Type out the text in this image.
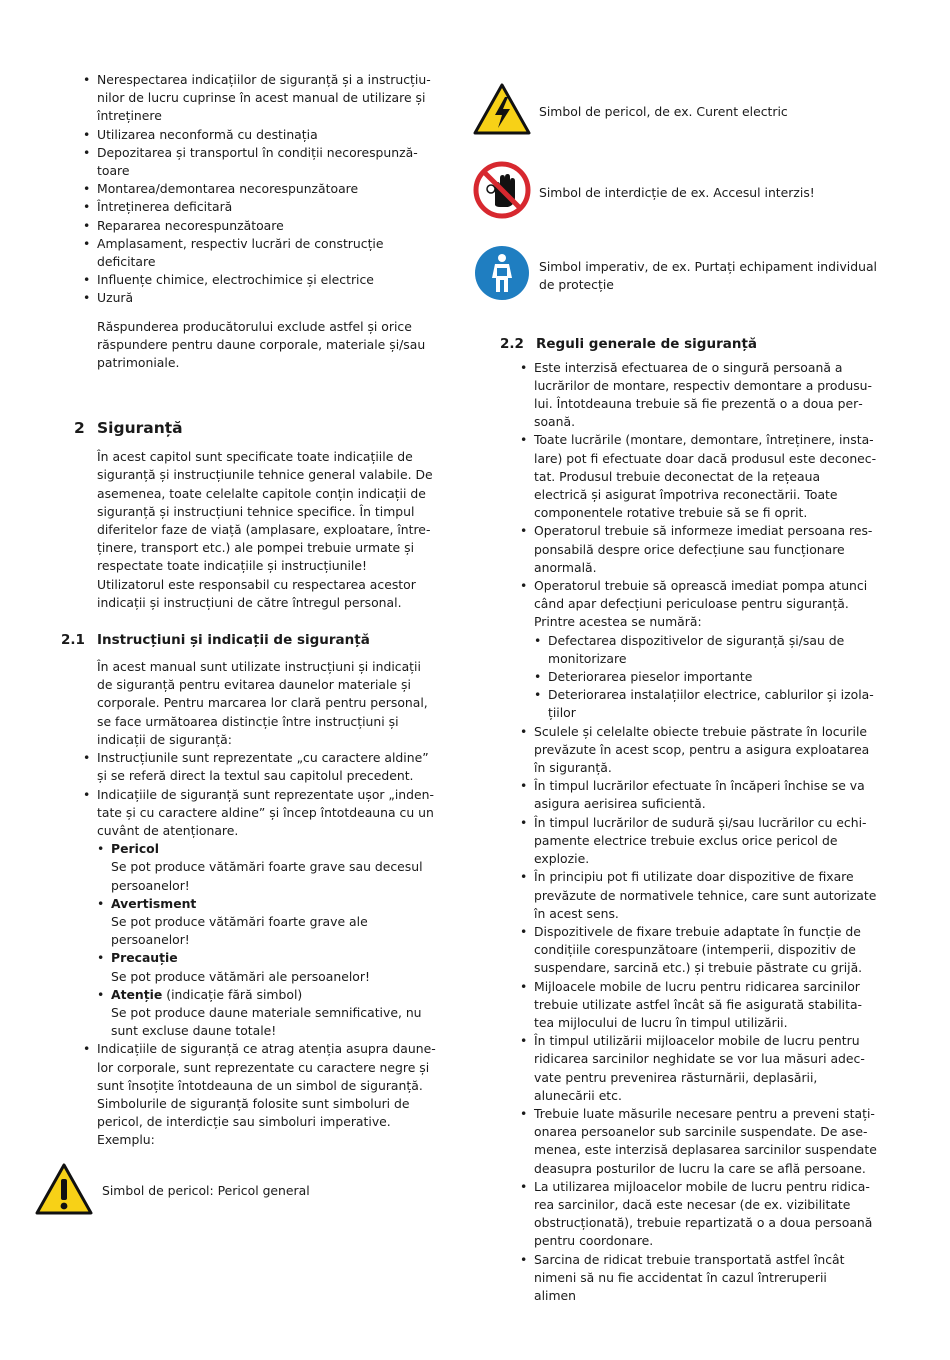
• Nerespectarea indicațiilor de siguranță și a instrucțiunilor de lucru cuprinse în acest manual de utilizare și întreținere
• Utilizarea neconformă cu destinația
• Depozitarea și transportul în condiții necorespunzătoare
• Montarea/demontarea necorespunzătoare
• Întreținerea deficitară
• Repararea necorespunzătoare
• Amplasament, respectiv lucrări de construcție deficitare
• Influențe chimice, electrochimice și electrice
• Uzură

Răspunderea producătorului exclude astfel și orice răspundere pentru daune corporale, materiale și/sau patrimoniale.

2 Siguranță

În acest capitol sunt specificate toate indicațiile de siguranță și instrucțiunile tehnice general valabile. De asemenea, toate celelalte capitole conțin indicații de siguranță și instrucțiuni tehnice specifice. În timpul diferitelor faze de viață (amplasare, exploatare, întreținere, transport etc.) ale pompei trebuie urmate și respectate toate indicațiile și instrucțiunile! Utilizatorul este responsabil cu respectarea acestor indicații și instrucțiuni de către întregul personal.

2.1 Instrucțiuni și indicații de siguranță

În acest manual sunt utilizate instrucțiuni și indicații de siguranță pentru evitarea daunelor materiale și corporale. Pentru marcarea lor clară pentru personal, se face următoarea distincție între instrucțiuni și indicații de siguranță:

• Instrucțiunile sunt reprezentate „cu caractere aldine” și se referă direct la textul sau capitolul precedent.
• Indicațiile de siguranță sunt reprezentate ușor „indentate și cu caractere aldine” și încep întotdeauna cu un cuvânt de atenționare.
• Pericol
Se pot produce vătămări foarte grave sau decesul persoanelor!
• Avertisment
Se pot produce vătămări foarte grave ale persoanelor!
• Precauție
Se pot produce vătămări ale persoanelor!
• Atenție (indicație fără simbol)
Se pot produce daune materiale semnificative, nu sunt excluse daune totale!
• Indicațiile de siguranță ce atrag atenția asupra daunelor corporale, sunt reprezentate cu caractere negre și sunt însoțite întotdeauna de un simbol de siguranță. Simbolurile de siguranță folosite sunt simboluri de pericol, de interdicție sau simboluri imperative. Exemplu:
Simbol de pericol: Pericol general
Simbol de pericol, de ex. Curent electric
Simbol de interdicție de ex. Accesul interzis!
Simbol imperativ, de ex. Purtați echipament individual de protecție
2.2 Reguli generale de siguranță
• Este interzisă efectuarea de o singură persoană a lucrărilor de montare, respectiv demontare a produsului. Întotdeauna trebuie să fie prezentă o a doua persoană.
• Toate lucrările (montare, demontare, întreținere, instalare) pot fi efectuate doar dacă produsul este deconectat. Produsul trebuie deconectat de la rețeaua electrică și asigurat împotriva reconectării. Toate componentele rotative trebuie să se fi oprit.
• Operatorul trebuie să informeze imediat persoana responsabilă despre orice defecțiune sau funcționare anormală.
• Operatorul trebuie să oprească imediat pompa atunci când apar defecțiuni periculoase pentru siguranță. Printre acestea se numără:
• Defectarea dispozitivelor de siguranță și/sau de monitorizare
• Deteriorarea pieselor importante
• Deteriorarea instalațiilor electrice, cablurilor și izolațiilor
• Sculele și celelalte obiecte trebuie păstrate în locurile prevăzute în acest scop, pentru a asigura exploatarea în siguranță.
• În timpul lucrărilor efectuate în încăperi închise se va asigura aerisirea suficientă.
• În timpul lucrărilor de sudură și/sau lucrărilor cu echipamente electrice trebuie exclus orice pericol de explozie.
• În principiu pot fi utilizate doar dispozitive de fixare prevăzute de normativele tehnice, care sunt autorizate în acest sens.
• Dispozitivele de fixare trebuie adaptate în funcție de condițiile corespunzătoare (intemperii, dispozitiv de suspendare, sarcină etc.) și trebuie păstrate cu grijă.
• Mijloacele mobile de lucru pentru ridicarea sarcinilor trebuie utilizate astfel încât să fie asigurată stabilitatea mijlocului de lucru în timpul utilizării.
• În timpul utilizării mijloacelor mobile de lucru pentru ridicarea sarcinilor neghidate se vor lua măsuri adecvate pentru prevenirea răsturnării, deplasării, alunecării etc.
• Trebuie luate măsurile necesare pentru a preveni staționarea persoanelor sub sarcinile suspendate. De asemenea, este interzisă deplasarea sarcinilor suspendate deasupra posturilor de lucru la care se află persoane.
• La utilizarea mijloacelor mobile de lucru pentru ridicarea sarcinilor, dacă este necesar (de ex. vizibilitate obstrucționată), trebuie repartizată o a doua persoană pentru coordonare.
• Sarcina de ridicat trebuie transportată astfel încât nimeni să nu fie accidentat în cazul întreruperii alimen
